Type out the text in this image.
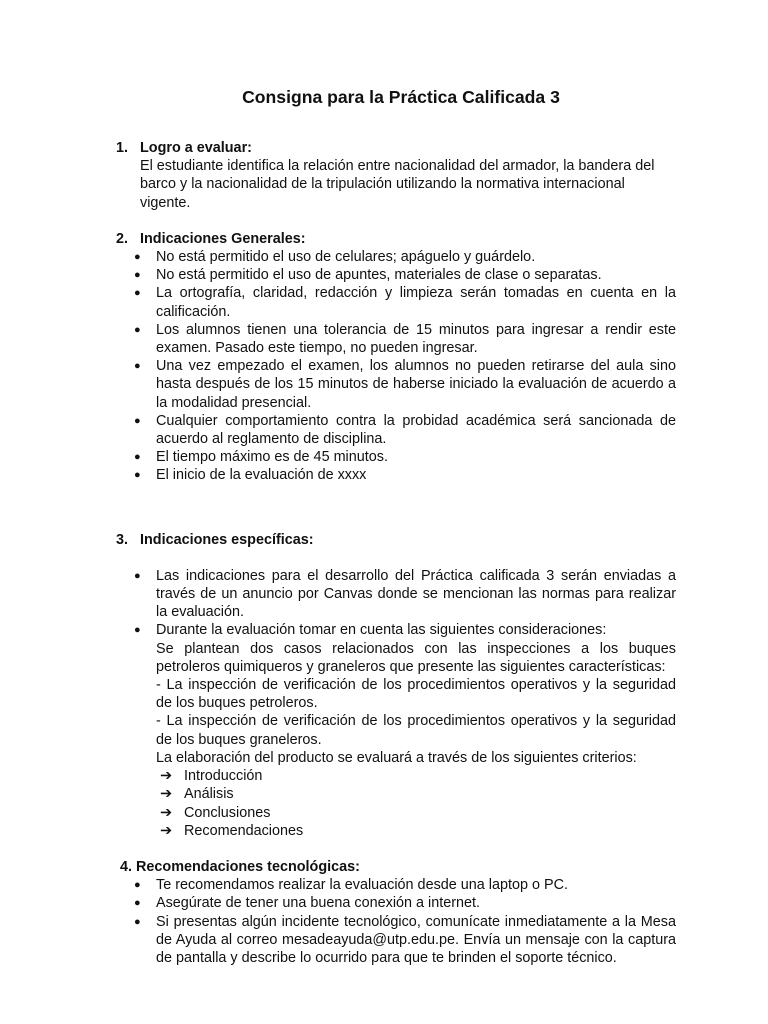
Consigna para la Práctica Calificada 3
1. Logro a evaluar:
El estudiante identifica la relación entre nacionalidad del armador, la bandera del barco y la nacionalidad de la tripulación utilizando la normativa internacional vigente.
2. Indicaciones Generales:
●	No está permitido el uso de celulares; apáguelo y guárdelo.
●	No está permitido el uso de apuntes, materiales de clase o separatas.
●	La ortografía, claridad, redacción y limpieza serán tomadas en cuenta en la calificación.
●	Los alumnos tienen una tolerancia de 15 minutos para ingresar a rendir este examen. Pasado este tiempo, no pueden ingresar.
●	Una vez empezado el examen, los alumnos no pueden retirarse del aula sino hasta después de los 15 minutos de haberse iniciado la evaluación de acuerdo a la modalidad presencial.
●	Cualquier comportamiento contra la probidad académica será sancionada de acuerdo al reglamento de disciplina.
●	El tiempo máximo es de 45 minutos.
●	El inicio de la evaluación de xxxx
3. Indicaciones específicas:
●	Las indicaciones para el desarrollo del Práctica calificada 3 serán enviadas a través de un anuncio por Canvas donde se mencionan las normas para realizar la evaluación.
●	Durante la evaluación tomar en cuenta las siguientes consideraciones:
Se plantean dos casos relacionados con las inspecciones a los buques petroleros quimiqueros y graneleros que presente las siguientes características:
- La inspección de verificación de los procedimientos operativos y la seguridad de los buques petroleros.
- La inspección de verificación de los procedimientos operativos y la seguridad de los buques graneleros.
La elaboración del producto se evaluará a través de los siguientes criterios:
➔ Introducción
➔ Análisis
➔ Conclusiones
➔ Recomendaciones
4. Recomendaciones tecnológicas:
●	Te recomendamos realizar la evaluación desde una laptop o PC.
●	Asegúrate de tener una buena conexión a internet.
●	Si presentas algún incidente tecnológico, comunícate inmediatamente a la Mesa de Ayuda al correo mesadeayuda@utp.edu.pe. Envía un mensaje con la captura de pantalla y describe lo ocurrido para que te brinden el soporte técnico.
